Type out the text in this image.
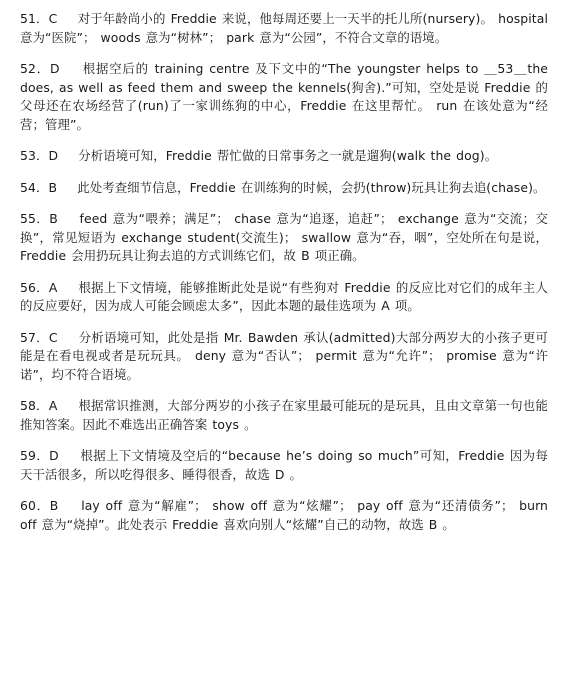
51．C 对于年龄尚小的 Freddie 来说，他每周还要上一天半的托儿所(nursery)。 hospital 意为“医院”； woods 意为“树林”； park 意为“公园”，不符合文章的语境。

52．D 根据空后的 training centre 及下文中的“The youngster helps to ＿53＿the does, as well as feed them and sweep the kennels(狗舍).”可知，空处是说 Freddie 的父母还在农场经营了(run)了一家训练狗的中心，Freddie 在这里帮忙。 run 在该处意为“经营；管理”。

53．D 分析语境可知，Freddie 帮忙做的日常事务之一就是遛狗(walk the dog)。

54．B 此处考查细节信息，Freddie 在训练狗的时候，会扔(throw)玩具让狗去追(chase)。

55．B feed 意为“喂养；满足”； chase 意为“追逐，追赶”； exchange 意为“交流；交换”，常见短语为 exchange student(交流生)； swallow 意为“吞，咽”，空处所在句是说，Freddie 会用扔玩具让狗去追的方式训练它们，故 B 项正确。

56．A 根据上下文情境，能够推断此处是说“有些狗对 Freddie 的反应比对它们的成年主人的反应要好，因为成人可能会顾虑太多”，因此本题的最佳选项为 A 项。

57．C 分析语境可知，此处是指 Mr. Bawden 承认(admitted)大部分两岁大的小孩子更可能是在看电视或者是玩玩具。 deny 意为“否认”； permit 意为“允许”； promise 意为“许诺”，均不符合语境。

58．A 根据常识推测，大部分两岁的小孩子在家里最可能玩的是玩具，且由文章第一句也能推知答案。因此不难选出正确答案 toys 。

59．D 根据上下文情境及空后的“because he’s doing so much”可知，Freddie 因为每天干活很多，所以吃得很多、睡得很香，故选 D 。

60．B lay off 意为“解雇”； show off 意为“炫耀”； pay off 意为“还清债务”； burn off 意为“烧掉”。此处表示 Freddie 喜欢向别人“炫耀”自己的动物，故选 B 。
